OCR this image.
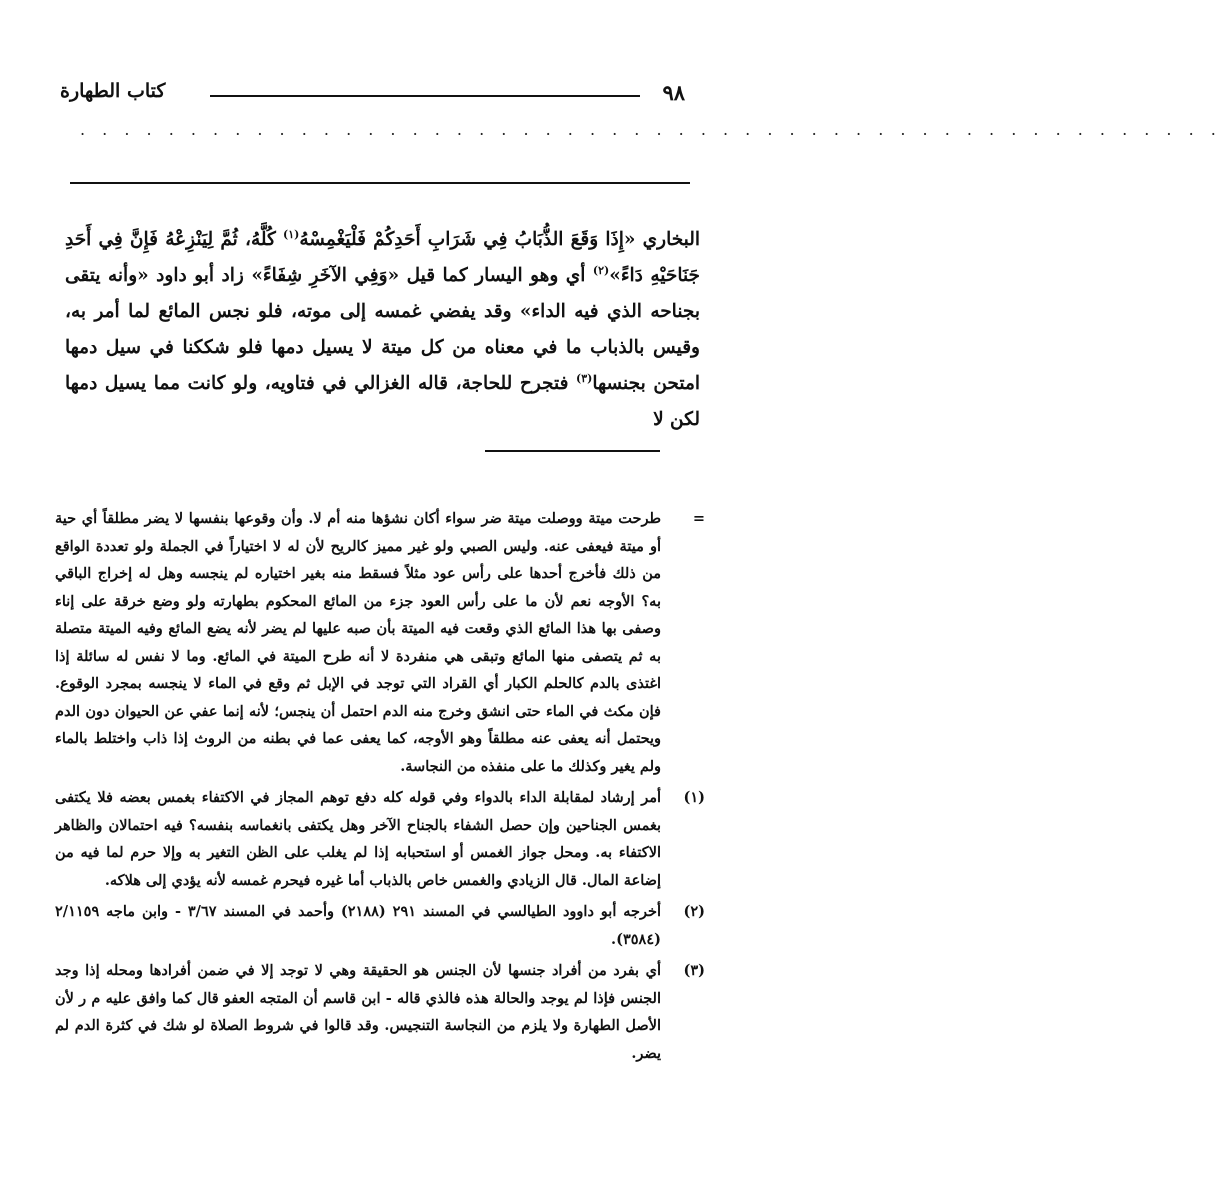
٩٨
كتاب الطهارة
. . . . . . . . . . . . . . . . . . . . . . . . . . . . . . . . . . . . . . . . . . . . . . . . . . . .

البخاري «إِذَا وَقَعَ الذُّبَابُ فِي شَرَابِ أَحَدِكُمْ فَلْيَغْمِسْهُ$^{(١)}$ كُلَّهُ، ثُمَّ لِيَنْزِعْهُ فَإِنَّ فِي أَحَدِ جَنَاحَيْهِ دَاءً»$^{(٢)}$ أي وهو اليسار كما قيل «وَفِي الآخَرِ شِفَاءً» زاد أبو داود «وأنه يتقى بجناحه الذي فيه الداء» وقد يفضي غمسه إلى موته، فلو نجس المائع لما أمر به، وقيس بالذباب ما في معناه من كل ميتة لا يسيل دمها فلو شككنا في سيل دمها امتحن بجنسها$^{(٣)}$ فتجرح للحاجة، قاله الغزالي في فتاويه، ولو كانت مما يسيل دمها لكن لا

=
طرحت ميتة ووصلت ميتة ضر سواء أكان نشؤها منه أم لا. وأن وقوعها بنفسها لا يضر مطلقاً أي حية أو ميتة فيعفى عنه. وليس الصبي ولو غير مميز كالريح لأن له لا اختياراً في الجملة ولو تعددة الواقع من ذلك فأخرج أحدها على رأس عود مثلاً فسقط منه بغير اختياره لم ينجسه وهل له إخراج الباقي به؟ الأوجه نعم لأن ما على رأس العود جزء من المائع المحكوم بطهارته ولو وضع خرقة على إناء وصفى بها هذا المائع الذي وقعت فيه الميتة بأن صبه عليها لم يضر لأنه يضع المائع وفيه الميتة متصلة به ثم يتصفى منها المائع وتبقى هي منفردة لا أنه طرح الميتة في المائع. وما لا نفس له سائلة إذا اغتذى بالدم كالحلم الكبار أي القراد التي توجد في الإبل ثم وقع في الماء لا ينجسه بمجرد الوقوع. فإن مكث في الماء حتى انشق وخرج منه الدم احتمل أن ينجس؛ لأنه إنما عفي عن الحيوان دون الدم ويحتمل أنه يعفى عنه مطلقاً وهو الأوجه، كما يعفى عما في بطنه من الروث إذا ذاب واختلط بالماء ولم يغير وكذلك ما على منفذه من النجاسة.
(١)
أمر إرشاد لمقابلة الداء بالدواء وفي قوله كله دفع توهم المجاز في الاكتفاء بغمس بعضه فلا يكتفى بغمس الجناحين وإن حصل الشفاء بالجناح الآخر وهل يكتفى بانغماسه بنفسه؟ فيه احتمالان والظاهر الاكتفاء به. ومحل جواز الغمس أو استحبابه إذا لم يغلب على الظن التغير به وإلا حرم لما فيه من إضاعة المال. قال الزيادي والغمس خاص بالذباب أما غيره فيحرم غمسه لأنه يؤدي إلى هلاكه.
(٢)
أخرجه أبو داوود الطيالسي في المسند ٢٩١ (٢١٨٨) وأحمد في المسند ٣/٦٧ - وابن ماجه ٢/١١٥٩ (٣٥٨٤).
(٣)
أي بفرد من أفراد جنسها لأن الجنس هو الحقيقة وهي لا توجد إلا في ضمن أفرادها ومحله إذا وجد الجنس فإذا لم يوجد والحالة هذه فالذي قاله - ابن قاسم أن المتجه العفو قال كما وافق عليه م ر لأن الأصل الطهارة ولا يلزم من النجاسة التنجيس. وقد قالوا في شروط الصلاة لو شك في كثرة الدم لم يضر.
